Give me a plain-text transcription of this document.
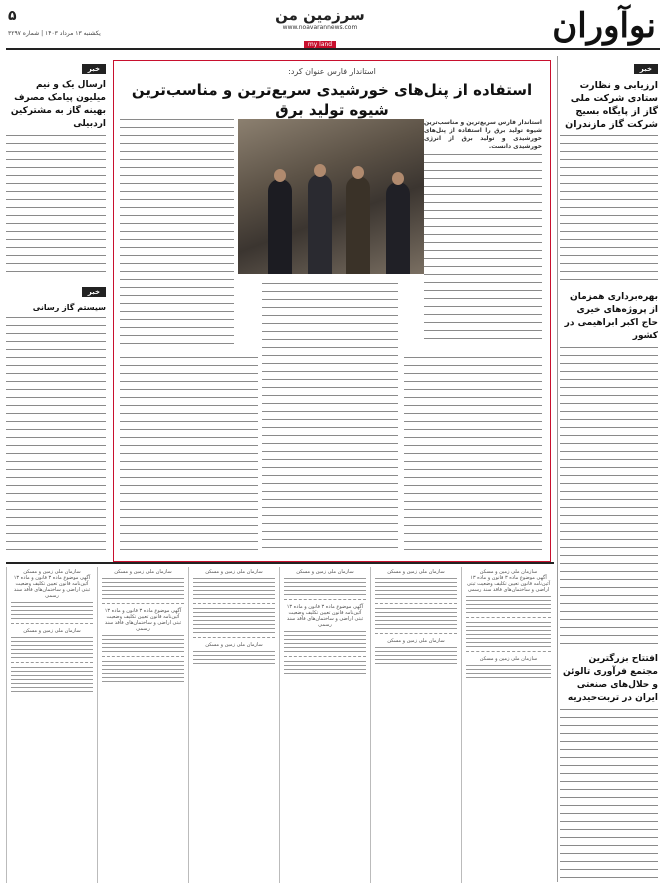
نوآوران
سرزمین من
www.noavarannews.com
my land
۵
یکشنبه ۱۳ مرداد ۱۴۰۳ | شماره ۳۲۹۷
خبر
ارزیابی و نظارت ستادی شرکت ملی گاز از پایگاه بسیج شرکت گاز مازندران
بهره‌برداری همزمان از پروژه‌های خیری حاج اکبر ابراهیمی در کشور
افتتاح بزرگترین مجتمع فرآوری تالوئن و حلال‌های صنعتی ایران در تربت‌حیدریه
خبر
ارسال یک و نیم میلیون پیامک مصرف بهینه گاز به مشترکین اردبیلی
خبر
سیستم گاز رسانی
استاندار فارس عنوان کرد:
استفاده از پنل‌های خورشیدی سریع‌ترین و مناسب‌ترین شیوه تولید برق
استاندار فارس سریع‌ترین و مناسب‌ترین شیوه تولید برق را استفاده از پنل‌های خورشیدی و تولید برق از انرژی خورشیدی دانست.
سازمان ملی زمین و مسکن
آگهی موضوع ماده ۳ قانون و ماده ۱۳ آئین‌نامه قانون تعیین تکلیف وضعیت ثبتی اراضی و ساختمان‌های فاقد سند رسمی
سازمان ملی زمین و مسکن
سازمان ملی زمین و مسکن
آگهی موضوع ماده ۳ قانون و ماده ۱۳ آئین‌نامه قانون تعیین تکلیف وضعیت ثبتی اراضی و ساختمان‌های فاقد سند رسمی
سازمان ملی زمین و مسکن
سازمان ملی زمین و مسکن
سازمان ملی زمین و مسکن
آگهی موضوع ماده ۳ قانون و ماده ۱۳ آئین‌نامه قانون تعیین تکلیف وضعیت ثبتی اراضی و ساختمان‌های فاقد سند رسمی
سازمان ملی زمین و مسکن
سازمان ملی زمین و مسکن
سازمان ملی زمین و مسکن
آگهی موضوع ماده ۳ قانون و ماده ۱۳ آئین‌نامه قانون تعیین تکلیف وضعیت ثبتی اراضی و ساختمان‌های فاقد سند رسمی
سازمان ملی زمین و مسکن
